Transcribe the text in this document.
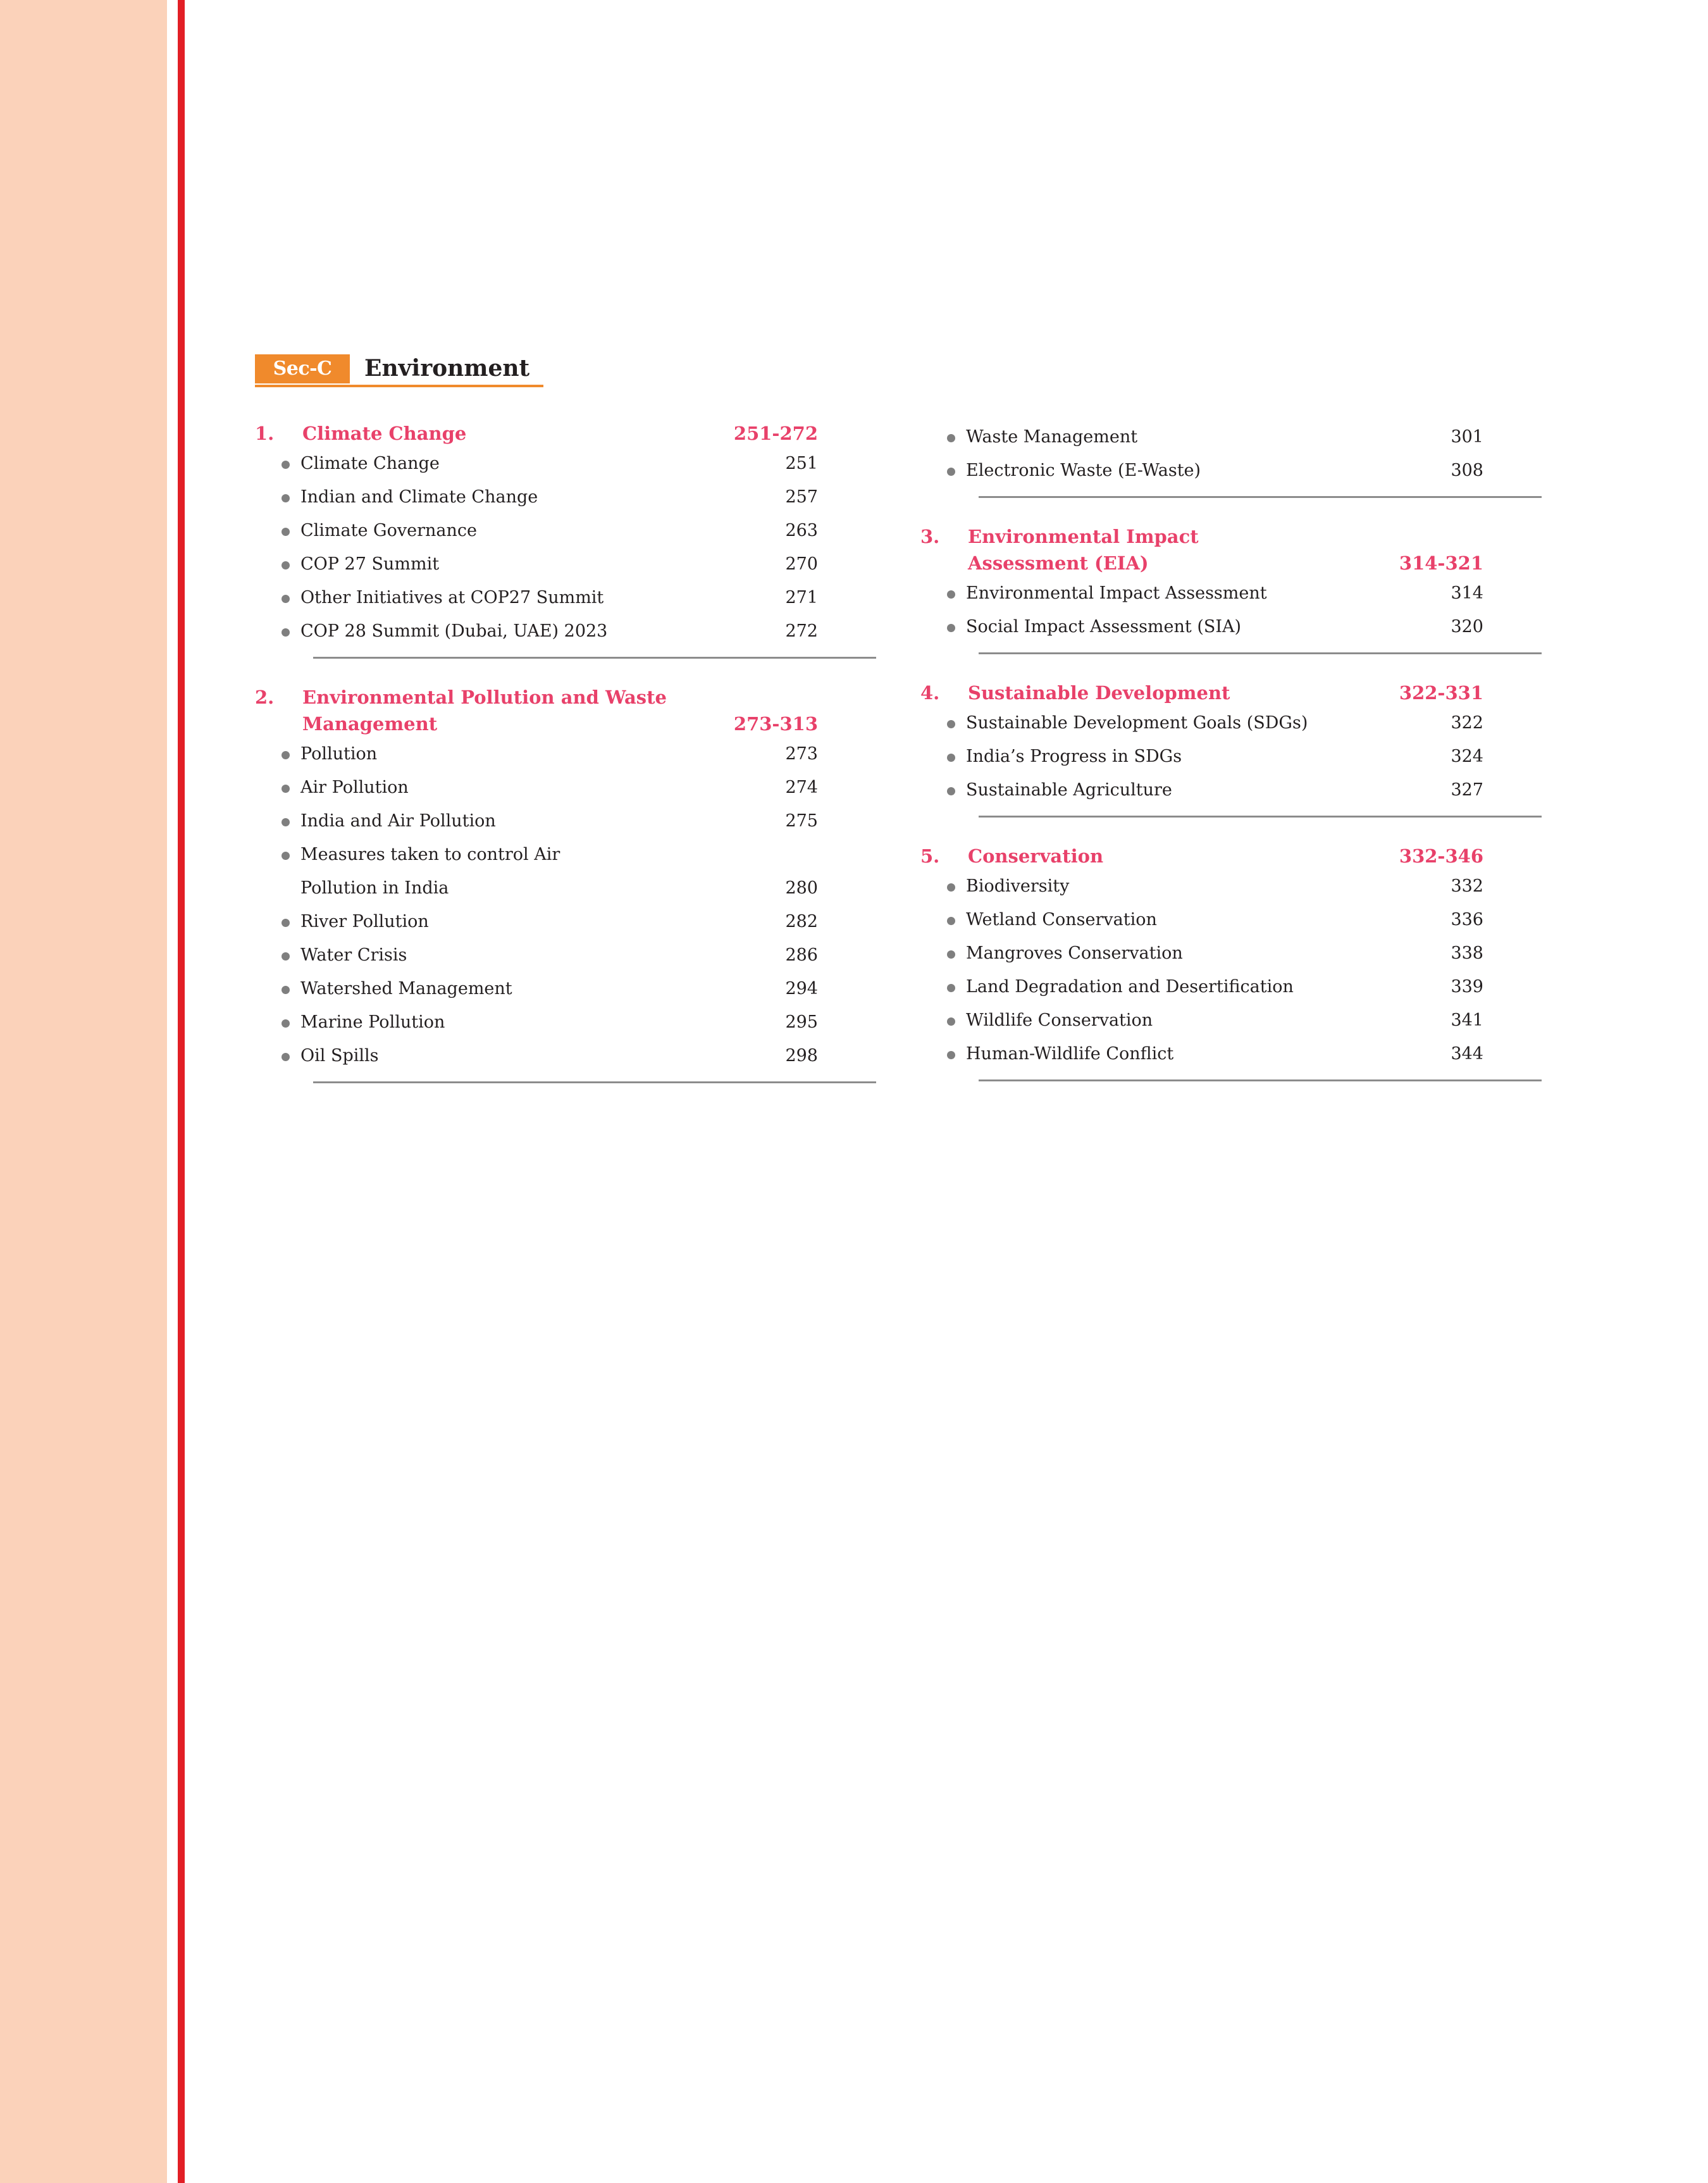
Sec-C	Environment
1.	Climate Change	251-272
Climate Change	251
Indian and Climate Change	257
Climate Governance	263
COP 27 Summit	270
Other Initiatives at COP27 Summit	271
COP 28 Summit (Dubai, UAE) 2023	272
2.	Environmental Pollution and Waste
Management	273-313
Pollution	273
Air Pollution	274
India and Air Pollution	275
Measures taken to control Air
Pollution in India	280
River Pollution	282
Water Crisis	286
Watershed Management	294
Marine Pollution	295
Oil Spills	298
Waste Management	301
Electronic Waste (E-Waste)	308
3.	Environmental Impact
Assessment (EIA)	314-321
Environmental Impact Assessment	314
Social Impact Assessment (SIA)	320
4.	Sustainable Development	322-331
Sustainable Development Goals (SDGs)	322
India’s Progress in SDGs	324
Sustainable Agriculture	327
5.	Conservation	332-346
Biodiversity	332
Wetland Conservation	336
Mangroves Conservation	338
Land Degradation and Desertification	339
Wildlife Conservation	341
Human-Wildlife Conflict	344
